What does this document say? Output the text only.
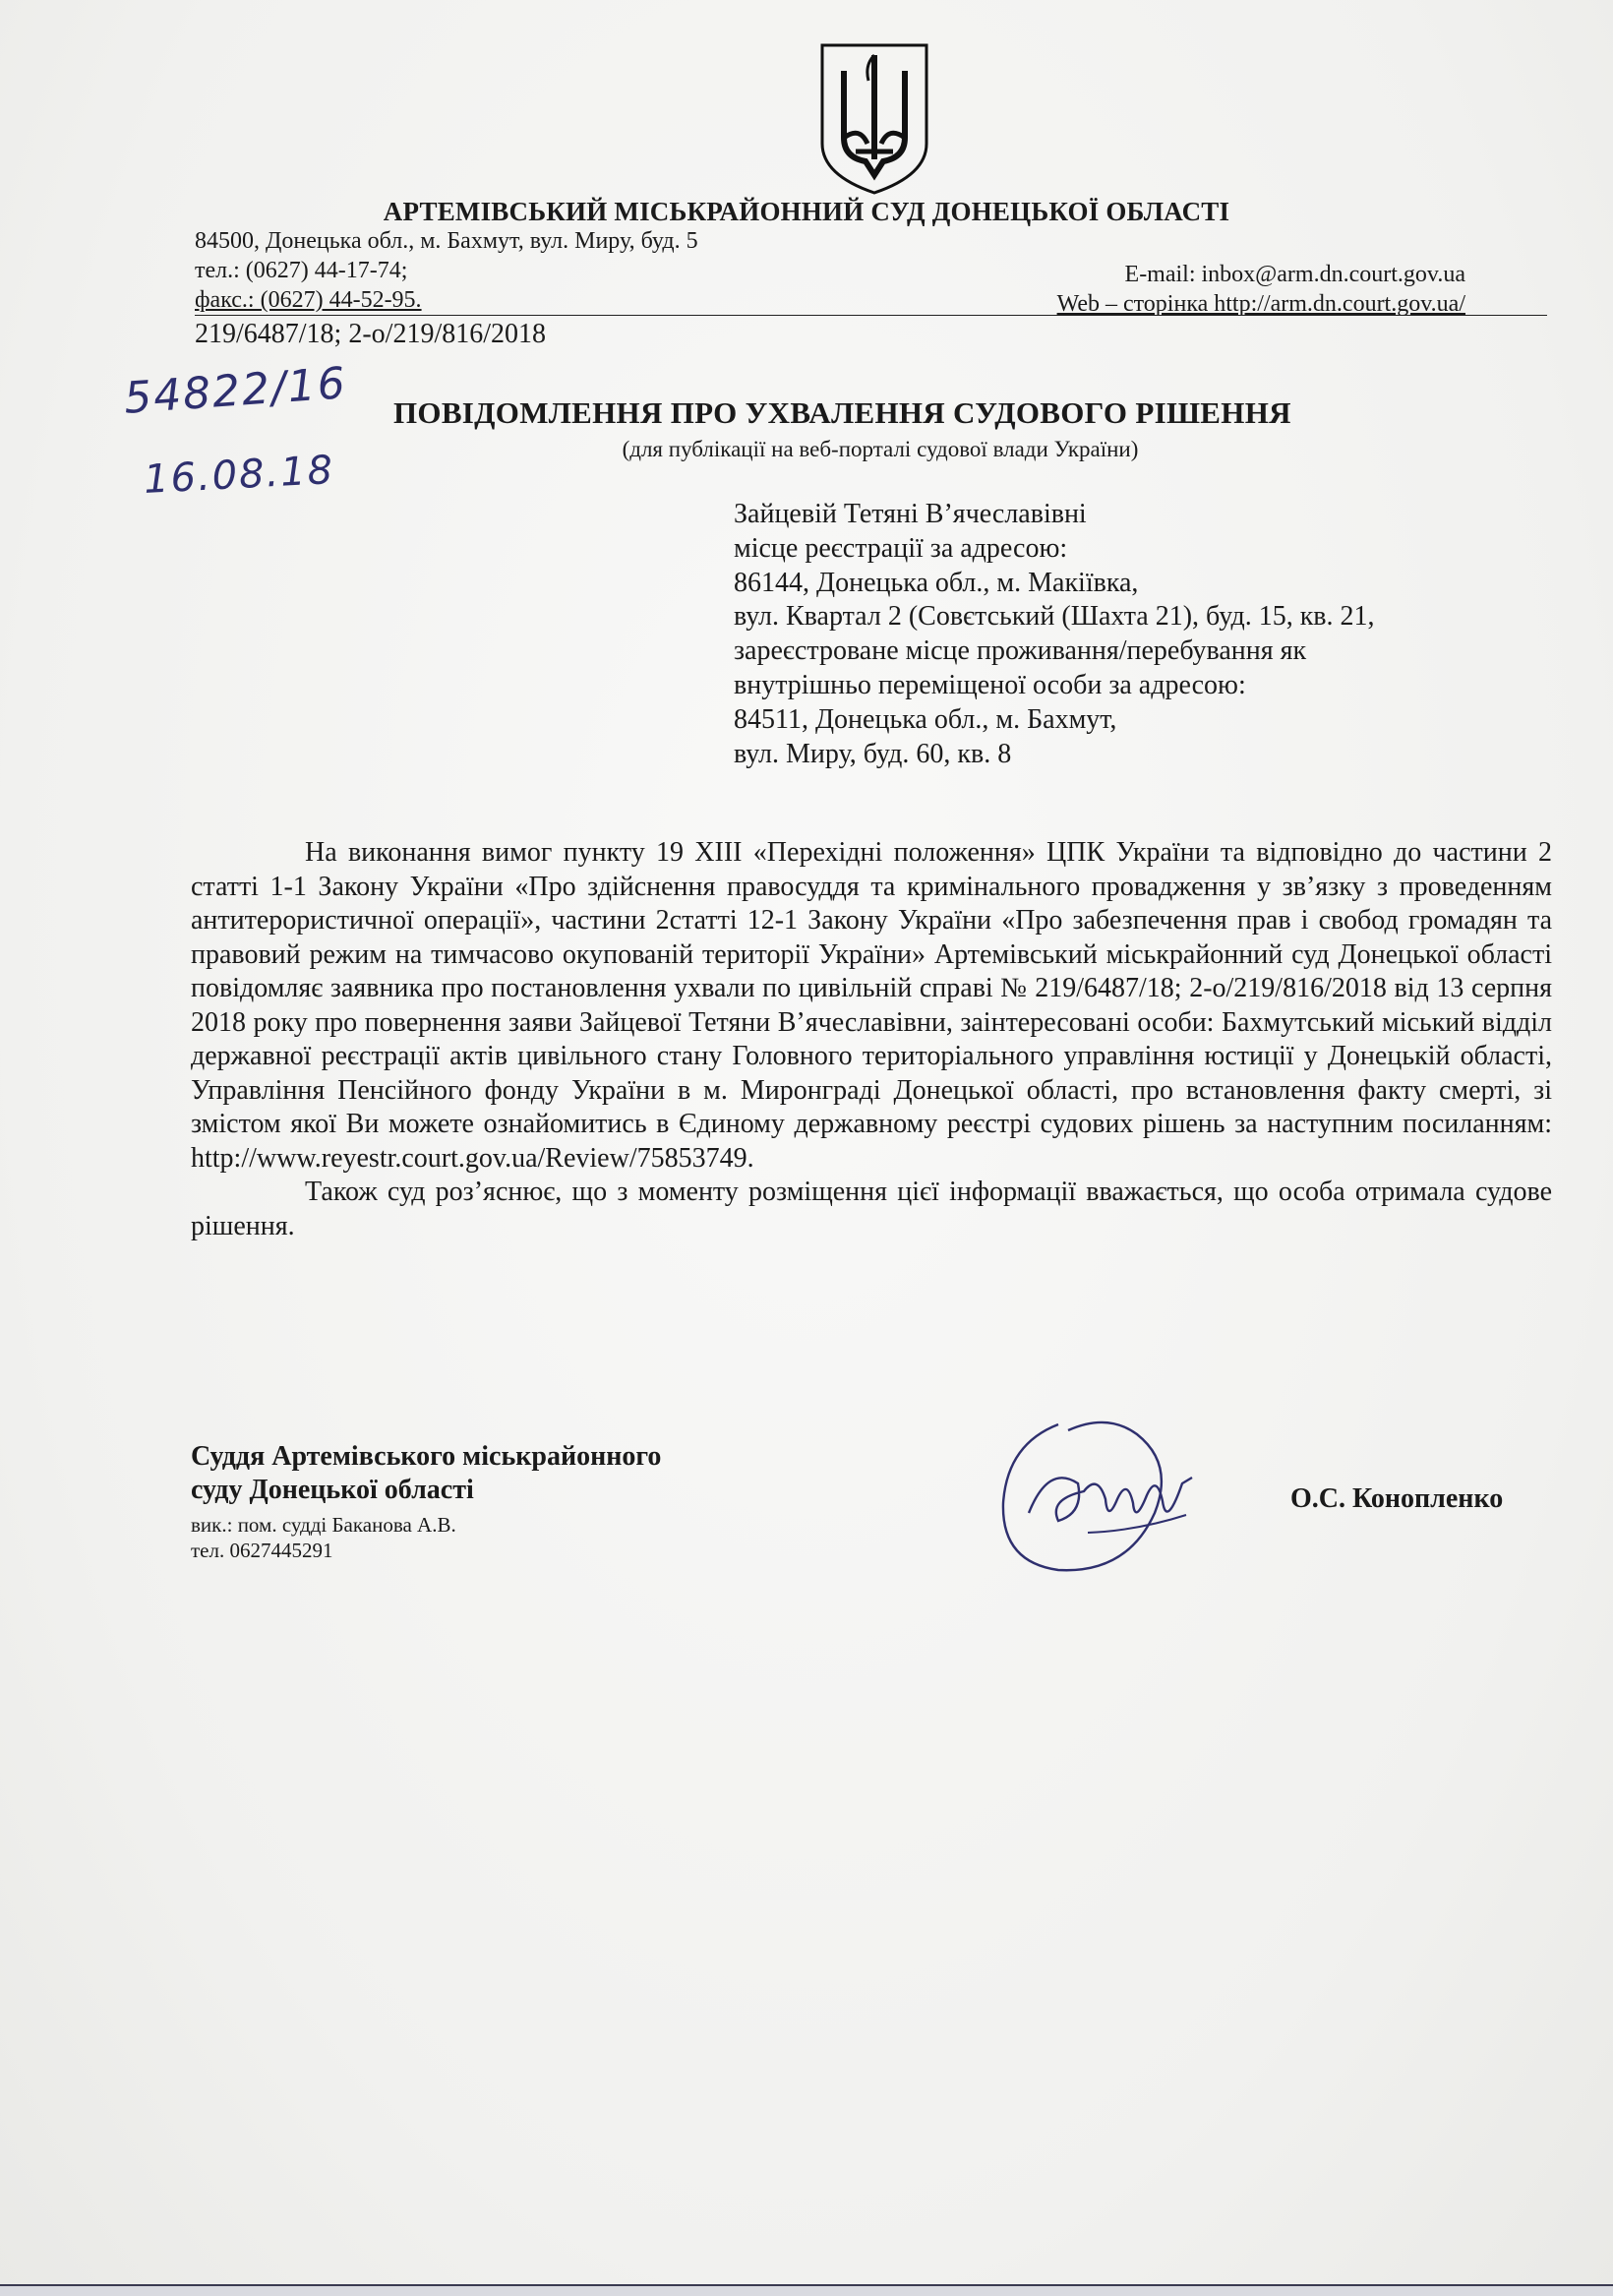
АРТЕМІВСЬКИЙ МІСЬКРАЙОННИЙ СУД ДОНЕЦЬКОЇ ОБЛАСТІ
84500, Донецька обл., м. Бахмут, вул. Миру, буд. 5
тел.: (0627) 44-17-74;
факс.: (0627) 44-52-95.
E-mail: inbox@arm.dn.court.gov.ua
Web – сторінка http://arm.dn.court.gov.ua/
219/6487/18; 2-о/219/816/2018
54822/16
16.08.18
ПОВІДОМЛЕННЯ ПРО УХВАЛЕННЯ СУДОВОГО РІШЕННЯ
(для публікації на веб-порталі судової влади України)
Зайцевій Тетяні В’ячеславівні
місце реєстрації за адресою:
86144, Донецька обл., м. Макіївка,
вул. Квартал 2 (Совєтський (Шахта 21), буд. 15, кв. 21,
зареєстроване місце проживання/перебування як
внутрішньо переміщеної особи за адресою:
84511, Донецька обл., м. Бахмут,
вул. Миру, буд. 60, кв. 8

На виконання вимог пункту 19 XIII «Перехідні положення» ЦПК України та відповідно до частини 2 статті 1-1 Закону України «Про здійснення правосуддя та кримінального провадження у зв’язку з проведенням антитерористичної операції», частини 2статті 12-1 Закону України «Про забезпечення прав і свобод громадян та правовий режим на тимчасово окупованій території України» Артемівський міськрайонний суд Донецької області повідомляє заявника про постановлення ухвали по цивільній справі № 219/6487/18; 2-о/219/816/2018 від 13 серпня 2018 року про повернення заяви Зайцевої Тетяни В’ячеславівни, заінтересовані особи: Бахмутський міський відділ державної реєстрації актів цивільного стану Головного територіального управління юстиції у Донецькій області, Управління Пенсійного фонду України в м. Миронграді Донецької області, про встановлення факту смерті, зі змістом якої Ви можете ознайомитись в Єдиному державному реєстрі судових рішень за наступним посиланням: http://www.reyestr.court.gov.ua/Review/75853749.

Також суд роз’яснює, що з моменту розміщення цієї інформації вважається, що особа отримала судове рішення.

Суддя Артемівського міськрайонного
суду Донецької області
вик.: пом. судді Баканова А.В.
тел. 0627445291
О.С. Конопленко
